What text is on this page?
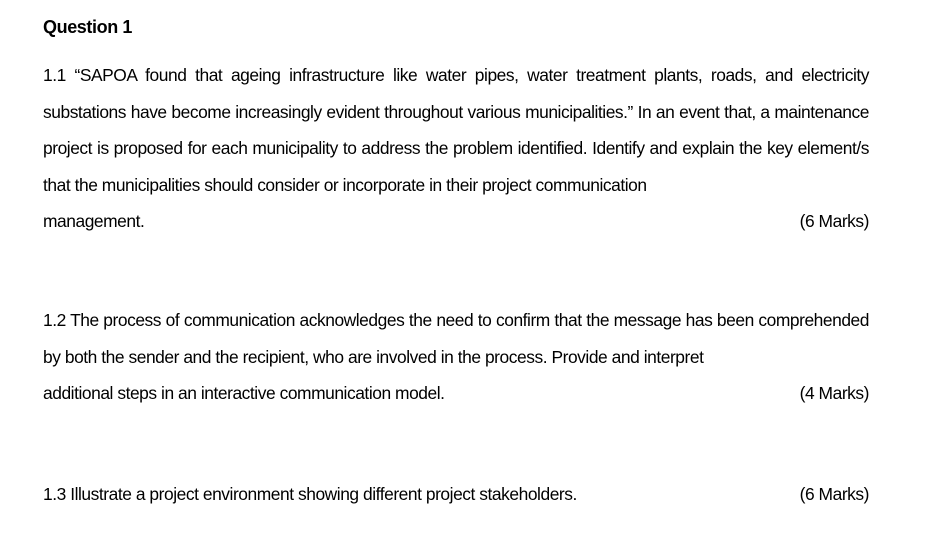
Question 1
1.1 “SAPOA found that ageing infrastructure like water pipes, water treatment plants, roads, and electricity substations have become increasingly evident throughout various municipalities.” In an event that, a maintenance project is proposed for each municipality to address the problem identified. Identify and explain the key element/s that the municipalities should consider or incorporate in their project communication
management.	(6 Marks)
1.2 The process of communication acknowledges the need to confirm that the message has been comprehended by both the sender and the recipient, who are involved in the process. Provide and interpret
additional steps in an interactive communication model.	(4 Marks)
1.3 Illustrate a project environment showing different project stakeholders.	(6 Marks)
